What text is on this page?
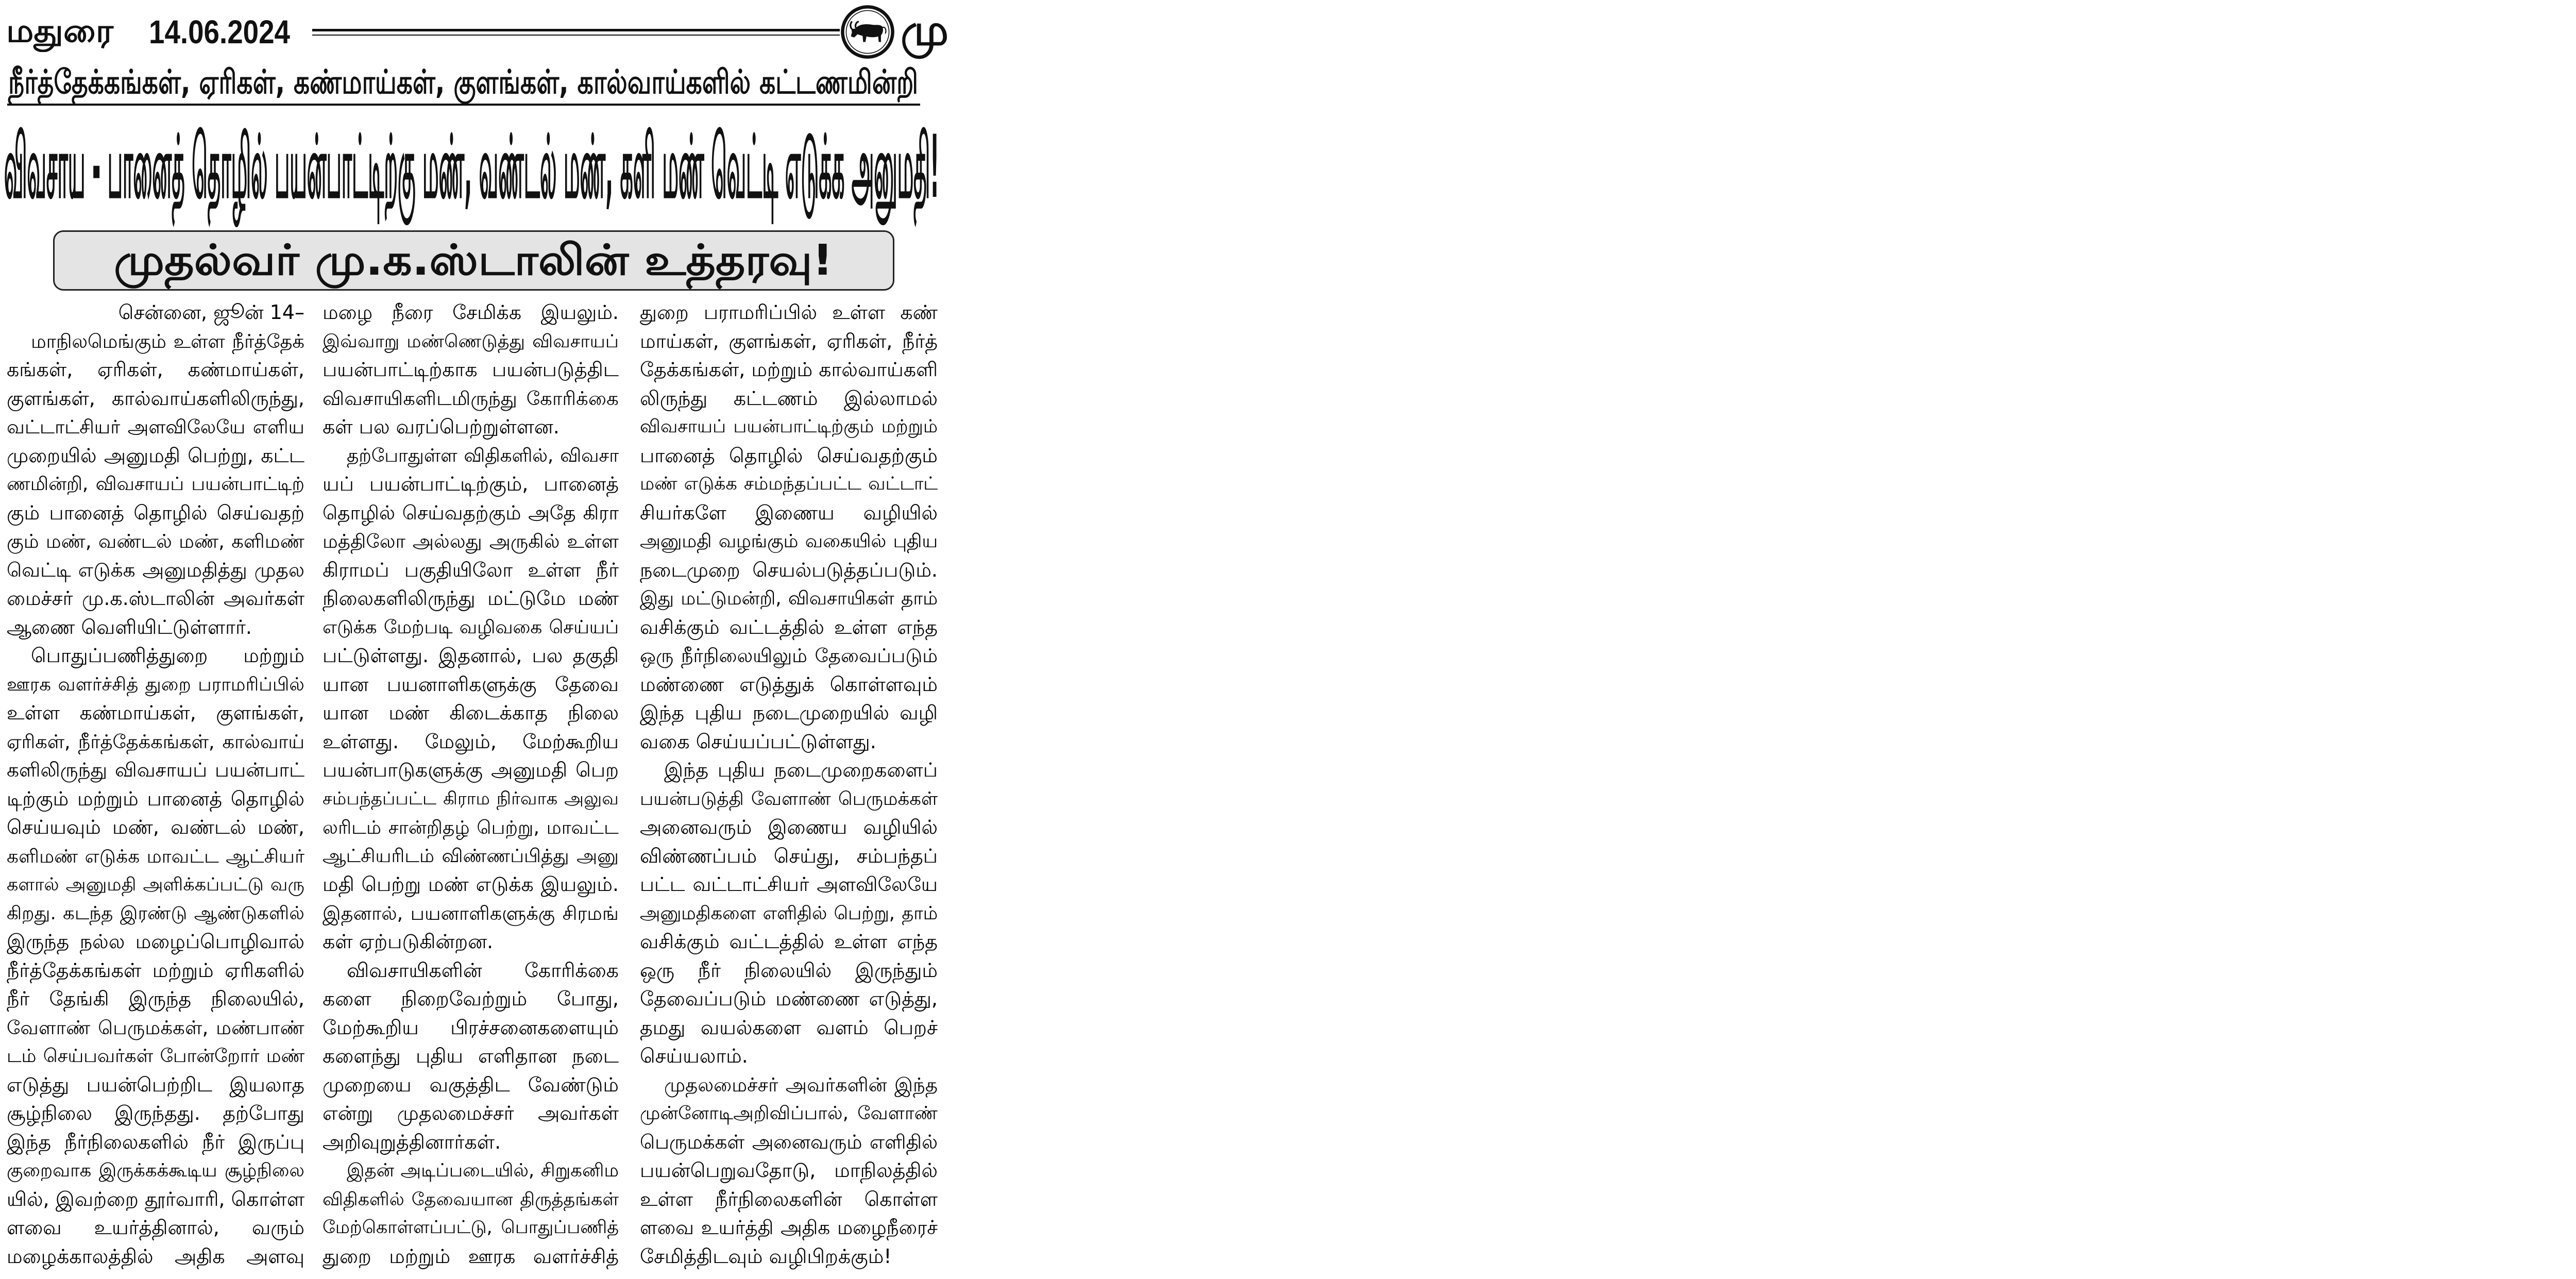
மதுரை 14.06.2024	மு
நீர்த்தேக்கங்கள், ஏரிகள், கண்மாய்கள், குளங்கள், கால்வாய்களில் கட்டணமின்றி
விவசாய - பானைத் தொழில் பயன்பாட்டிற்கு மண், வண்டல் மண், களி மண் வெட்டி எடுக்க அனுமதி!
முதல்வர் மு.க.ஸ்டாலின் உத்தரவு!
சென்னை, ஜூன் 14–
மாநிலமெங்கும் உள்ள நீர்த்தேக்
கங்கள், ஏரிகள், கண்மாய்கள்,
குளங்கள், கால்வாய்களிலிருந்து,
வட்டாட்சியர் அளவிலேயே எளிய
முறையில் அனுமதி பெற்று, கட்ட
ணமின்றி, விவசாயப் பயன்பாட்டிற்
கும் பானைத் தொழில் செய்வதற்
கும் மண், வண்டல் மண், களிமண்
வெட்டி எடுக்க அனுமதித்து முதல
மைச்சர் மு.க.ஸ்டாலின் அவர்கள்
ஆணை வெளியிட்டுள்ளார்.
பொதுப்பணித்துறை மற்றும்
ஊரக வளர்ச்சித் துறை பராமரிப்பில்
உள்ள கண்மாய்கள், குளங்கள்,
ஏரிகள், நீர்த்தேக்கங்கள், கால்வாய்
களிலிருந்து விவசாயப் பயன்பாட்
டிற்கும் மற்றும் பானைத் தொழில்
செய்யவும் மண், வண்டல் மண்,
களிமண் எடுக்க மாவட்ட ஆட்சியர்
களால் அனுமதி அளிக்கப்பட்டு வரு
கிறது. கடந்த இரண்டு ஆண்டுகளில்
இருந்த நல்ல மழைப்பொழிவால்
நீர்த்தேக்கங்கள் மற்றும் ஏரிகளில்
நீர் தேங்கி இருந்த நிலையில்,
வேளாண் பெருமக்கள், மண்பாண்
டம் செய்பவர்கள் போன்றோர் மண்
எடுத்து பயன்பெற்றிட இயலாத
சூழ்நிலை இருந்தது. தற்போது
இந்த நீர்நிலைகளில் நீர் இருப்பு
குறைவாக இருக்கக்கூடிய சூழ்நிலை
யில், இவற்றை தூர்வாரி, கொள்ள
ளவை உயர்த்தினால், வரும்
மழைக்காலத்தில் அதிக அளவு
மழை நீரை சேமிக்க இயலும்.
இவ்வாறு மண்ணெடுத்து விவசாயப்
பயன்பாட்டிற்காக பயன்படுத்திட
விவசாயிகளிடமிருந்து கோரிக்கை
கள் பல வரப்பெற்றுள்ளன.
தற்போதுள்ள விதிகளில், விவசா
யப் பயன்பாட்டிற்கும், பானைத்
தொழில் செய்வதற்கும் அதே கிரா
மத்திலோ அல்லது அருகில் உள்ள
கிராமப் பகுதியிலோ உள்ள நீர்
நிலைகளிலிருந்து மட்டுமே மண்
எடுக்க மேற்படி வழிவகை செய்யப்
பட்டுள்ளது. இதனால், பல தகுதி
யான பயனாளிகளுக்கு தேவை
யான மண் கிடைக்காத நிலை
உள்ளது. மேலும், மேற்கூறிய
பயன்பாடுகளுக்கு அனுமதி பெற
சம்பந்தப்பட்ட கிராம நிர்வாக அலுவ
லரிடம் சான்றிதழ் பெற்று, மாவட்ட
ஆட்சியரிடம் விண்ணப்பித்து அனு
மதி பெற்று மண் எடுக்க இயலும்.
இதனால், பயனாளிகளுக்கு சிரமங்
கள் ஏற்படுகின்றன.
விவசாயிகளின் கோரிக்கை
களை நிறைவேற்றும் போது,
மேற்கூறிய பிரச்சனைகளையும்
களைந்து புதிய எளிதான நடை
முறையை வகுத்திட வேண்டும்
என்று முதலமைச்சர் அவர்கள்
அறிவுறுத்தினார்கள்.
இதன் அடிப்படையில், சிறுகனிம
விதிகளில் தேவையான திருத்தங்கள்
மேற்கொள்ளப்பட்டு, பொதுப்பணித்
துறை மற்றும் ஊரக வளர்ச்சித்
துறை பராமரிப்பில் உள்ள கண்
மாய்கள், குளங்கள், ஏரிகள், நீர்த்
தேக்கங்கள், மற்றும் கால்வாய்களி
லிருந்து கட்டணம் இல்லாமல்
விவசாயப் பயன்பாட்டிற்கும் மற்றும்
பானைத் தொழில் செய்வதற்கும்
மண் எடுக்க சம்மந்தப்பட்ட வட்டாட்
சியர்களே இணைய வழியில்
அனுமதி வழங்கும் வகையில் புதிய
நடைமுறை செயல்படுத்தப்படும்.
இது மட்டுமன்றி, விவசாயிகள் தாம்
வசிக்கும் வட்டத்தில் உள்ள எந்த
ஒரு நீர்நிலையிலும் தேவைப்படும்
மண்ணை எடுத்துக் கொள்ளவும்
இந்த புதிய நடைமுறையில் வழி
வகை செய்யப்பட்டுள்ளது.
இந்த புதிய நடைமுறைகளைப்
பயன்படுத்தி வேளாண் பெருமக்கள்
அனைவரும் இணைய வழியில்
விண்ணப்பம் செய்து, சம்பந்தப்
பட்ட வட்டாட்சியர் அளவிலேயே
அனுமதிகளை எளிதில் பெற்று, தாம்
வசிக்கும் வட்டத்தில் உள்ள எந்த
ஒரு நீர் நிலையில் இருந்தும்
தேவைப்படும் மண்ணை எடுத்து,
தமது வயல்களை வளம் பெறச்
செய்யலாம்.
முதலமைச்சர் அவர்களின் இந்த
முன்னோடிஅறிவிப்பால், வேளாண்
பெருமக்கள் அனைவரும் எளிதில்
பயன்பெறுவதோடு, மாநிலத்தில்
உள்ள நீர்நிலைகளின் கொள்ள
ளவை உயர்த்தி அதிக மழைநீரைச்
சேமித்திடவும் வழிபிறக்கும்!
